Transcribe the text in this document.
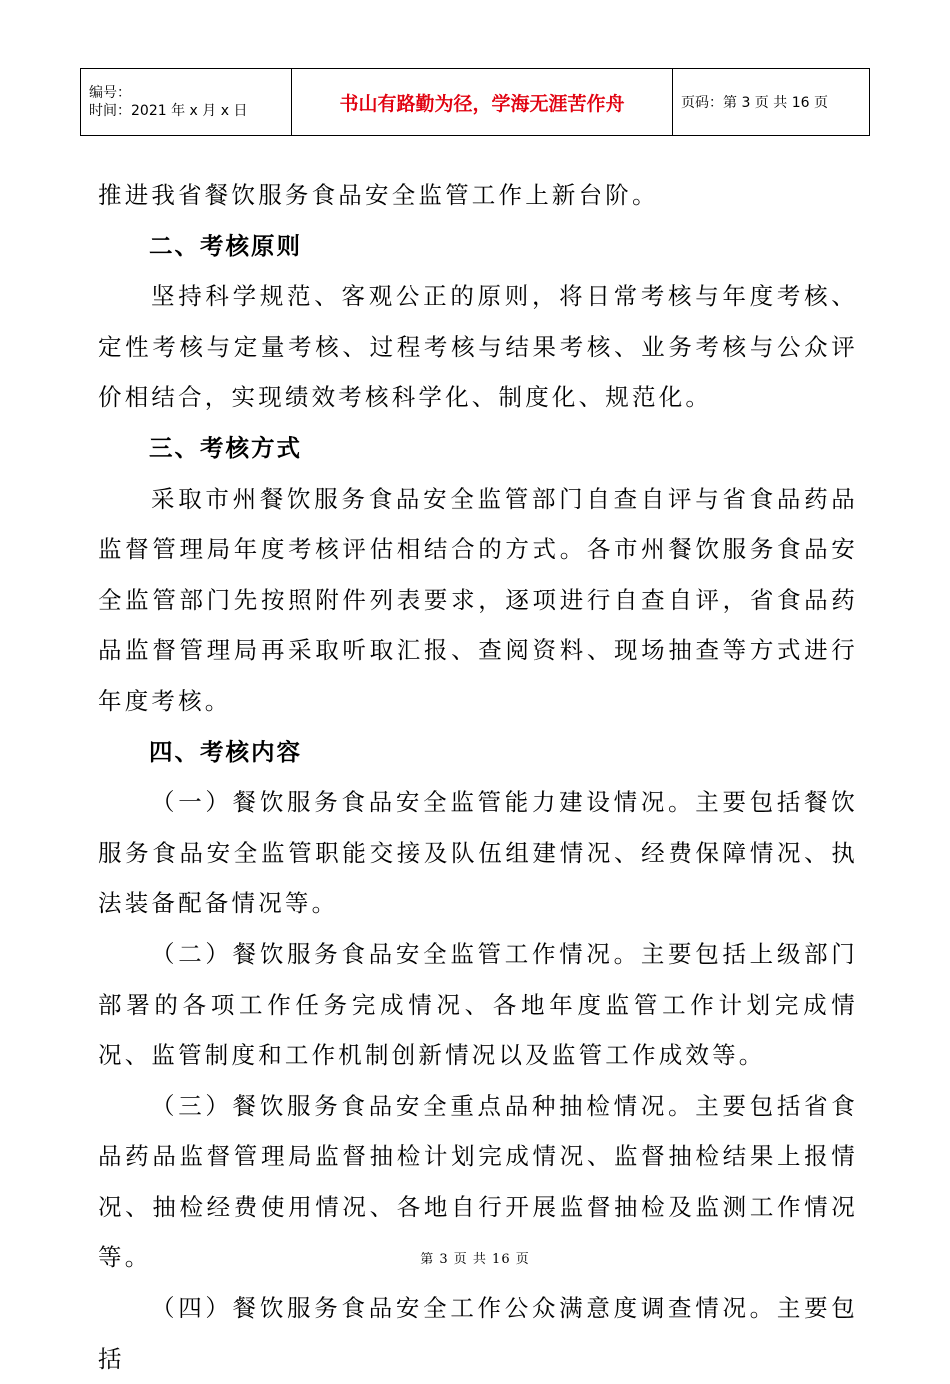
编号：
时间：2021 年 x 月 x 日	书山有路勤为径，学海无涯苦作舟	页码：第 3 页 共 16 页

推进我省餐饮服务食品安全监管工作上新台阶。

二、考核原则

坚持科学规范、客观公正的原则，将日常考核与年度考核、定性考核与定量考核、过程考核与结果考核、业务考核与公众评价相结合，实现绩效考核科学化、制度化、规范化。

三、考核方式

采取市州餐饮服务食品安全监管部门自查自评与省食品药品监督管理局年度考核评估相结合的方式。各市州餐饮服务食品安全监管部门先按照附件列表要求，逐项进行自查自评，省食品药品监督管理局再采取听取汇报、查阅资料、现场抽查等方式进行年度考核。

四、考核内容

（一）餐饮服务食品安全监管能力建设情况。主要包括餐饮服务食品安全监管职能交接及队伍组建情况、经费保障情况、执法装备配备情况等。

（二）餐饮服务食品安全监管工作情况。主要包括上级部门部署的各项工作任务完成情况、各地年度监管工作计划完成情况、监管制度和工作机制创新情况以及监管工作成效等。

（三）餐饮服务食品安全重点品种抽检情况。主要包括省食品药品监督管理局监督抽检计划完成情况、监督抽检结果上报情况、抽检经费使用情况、各地自行开展监督抽检及监测工作情况等。

（四）餐饮服务食品安全工作公众满意度调查情况。主要包括

第 3 页 共 16 页
